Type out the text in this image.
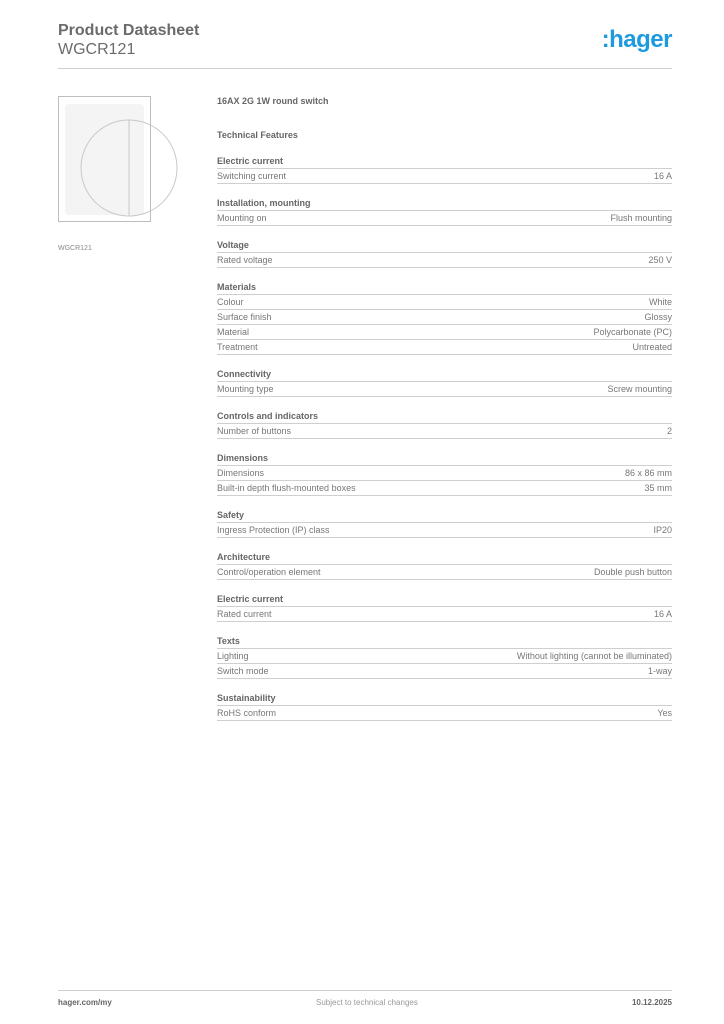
Product Datasheet
WGCR121	:hager
WGCR121
16AX 2G 1W round switch
Technical Features
Electric current
Switching current	16 A
Installation, mounting
Mounting on	Flush mounting
Voltage
Rated voltage	250 V
Materials
Colour	White
Surface finish	Glossy
Material	Polycarbonate (PC)
Treatment	Untreated
Connectivity
Mounting type	Screw mounting
Controls and indicators
Number of buttons	2
Dimensions
Dimensions	86 x 86 mm
Built-in depth flush-mounted boxes	35 mm
Safety
Ingress Protection (IP) class	IP20
Architecture
Control/operation element	Double push button
Electric current
Rated current	16 A
Texts
Lighting	Without lighting (cannot be illuminated)
Switch mode	1-way
Sustainability
RoHS conform	Yes
hager.com/my	Subject to technical changes	10.12.2025
